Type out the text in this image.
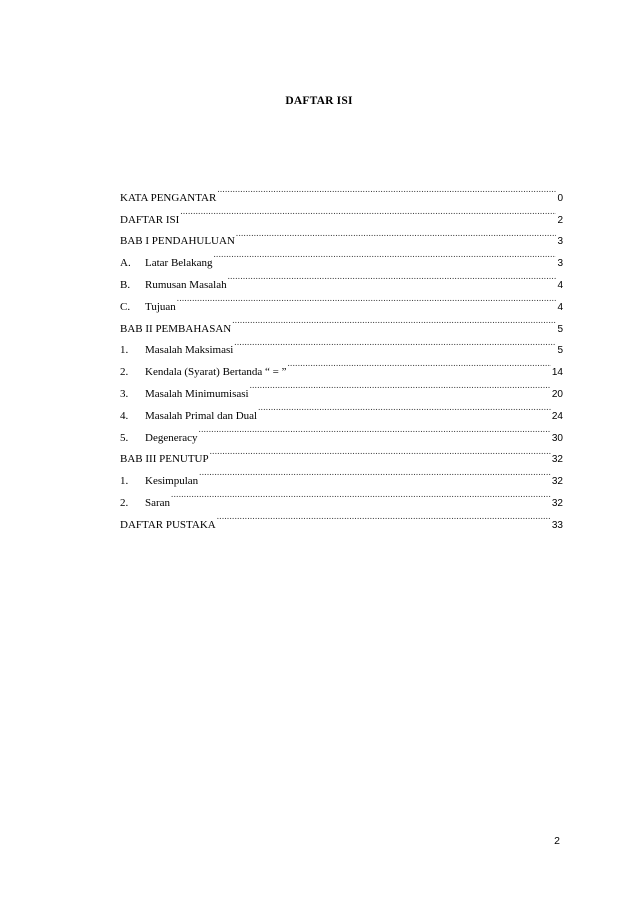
DAFTAR ISI
KATA PENGANTAR .....	0
DAFTAR ISI .....	2
BAB I PENDAHULUAN .....	3
A.	Latar Belakang .....	3
B.	Rumusan Masalah .....	4
C.	Tujuan .....	4
BAB II PEMBAHASAN .....	5
1.	Masalah Maksimasi .....	5
2.	Kendala (Syarat) Bertanda “ = ” .....	14
3.	Masalah Minimumisasi .....	20
4.	Masalah Primal dan Dual .....	24
5.	Degeneracy .....	30
BAB III PENUTUP .....	32
1.	Kesimpulan .....	32
2.	Saran .....	32
DAFTAR PUSTAKA .....	33
2
